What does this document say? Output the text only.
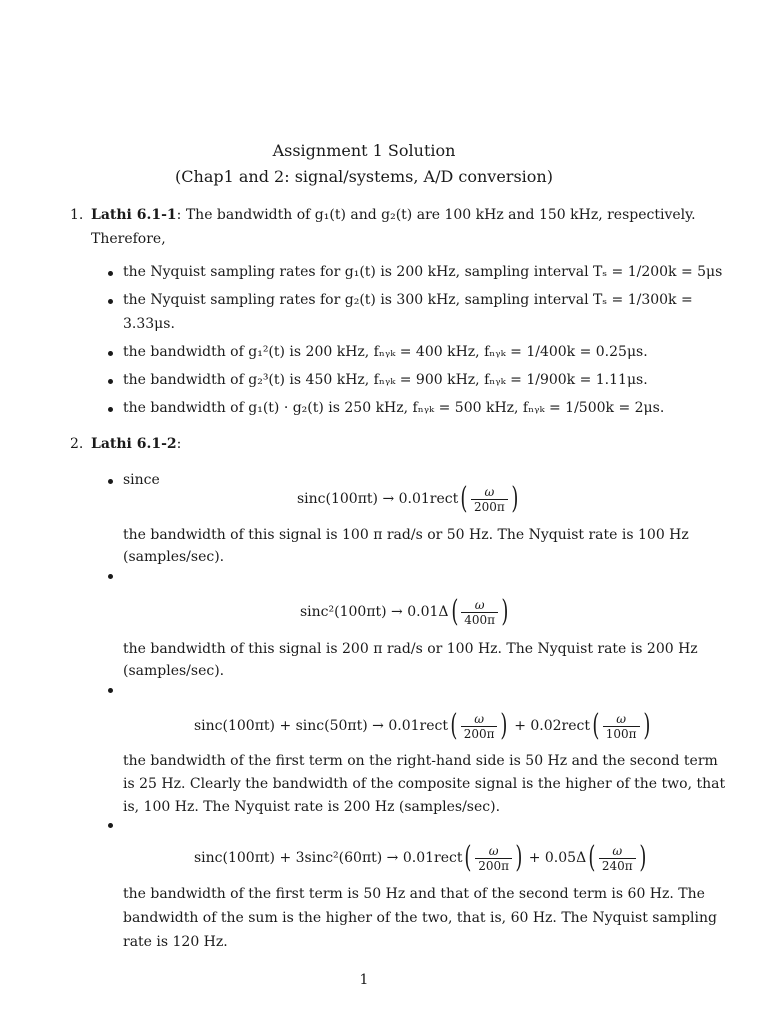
Assignment 1 Solution
(Chap1 and 2: signal/systems, A/D conversion)
1. Lathi 6.1-1: The bandwidth of g₁(t) and g₂(t) are 100 kHz and 150 kHz, respectively.
Therefore,
the Nyquist sampling rates for g₁(t) is 200 kHz, sampling interval Tₛ = 1/200k = 5μs
the Nyquist sampling rates for g₂(t) is 300 kHz, sampling interval Tₛ = 1/300k =
3.33μs.
the bandwidth of g₁²(t) is 200 kHz, fₙᵧₖ = 400 kHz, fₙᵧₖ = 1/400k = 0.25μs.
the bandwidth of g₂³(t) is 450 kHz, fₙᵧₖ = 900 kHz, fₙᵧₖ = 1/900k = 1.11μs.
the bandwidth of g₁(t) · g₂(t) is 250 kHz, fₙᵧₖ = 500 kHz, fₙᵧₖ = 1/500k = 2μs.
2. Lathi 6.1-2:
since
sinc(100πt) → 0.01rect ( $\frac{\omega}{200\pi}$ )
the bandwidth of this signal is 100 π rad/s or 50 Hz. The Nyquist rate is 100 Hz
(samples/sec).
sinc²(100πt) → 0.01Δ ( $\frac{\omega}{400\pi}$ )
the bandwidth of this signal is 200 π rad/s or 100 Hz. The Nyquist rate is 200 Hz
(samples/sec).
sinc(100πt) + sinc(50πt) → 0.01rect ( $\frac{\omega}{200\pi}$ ) + 0.02rect ( $\frac{\omega}{100\pi}$ )
the bandwidth of the first term on the right-hand side is 50 Hz and the second term
is 25 Hz. Clearly the bandwidth of the composite signal is the higher of the two, that
is, 100 Hz. The Nyquist rate is 200 Hz (samples/sec).
sinc(100πt) + 3sinc²(60πt) → 0.01rect ( $\frac{\omega}{200\pi}$ ) + 0.05Δ ( $\frac{\omega}{240\pi}$ )
the bandwidth of the first term is 50 Hz and that of the second term is 60 Hz. The
bandwidth of the sum is the higher of the two, that is, 60 Hz. The Nyquist sampling
rate is 120 Hz.
1
